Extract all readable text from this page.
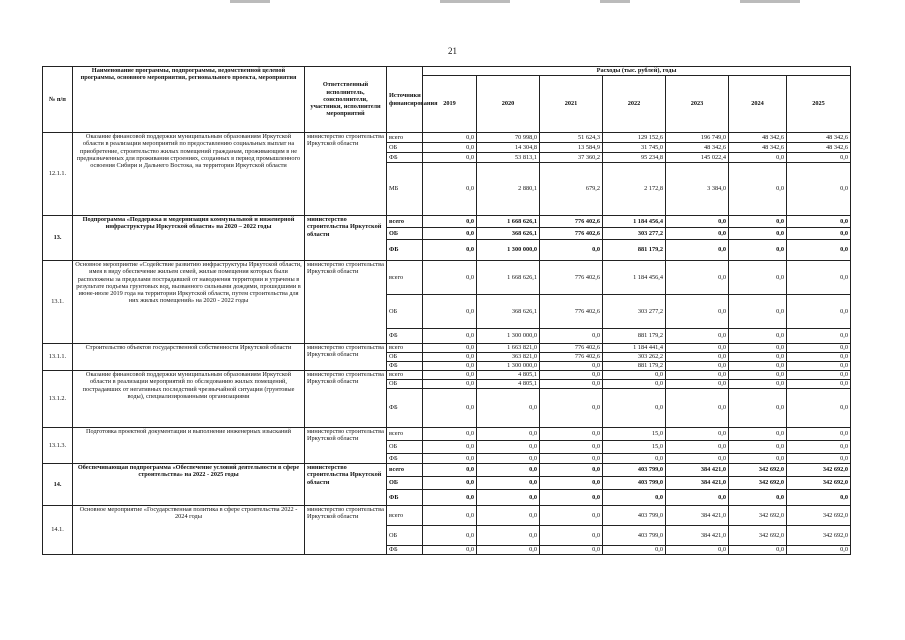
21
№ п/п	Наименование программы, подпрограммы, ведомственной целевой программы, основного мероприятия, регионального проекта, мероприятия	Ответственный исполнитель, соисполнители, участники, исполнители мероприятий	Источники финансирования	Расходы (тыс. рублей), годы						
				2019	2020	2021	2022	2023	2024	2025
12.1.1.	Оказание финансовой поддержки муниципальным образованиям Иркутской области в реализации мероприятий по предоставлению социальных выплат на приобретение, строительство жилых помещений гражданам, проживающим в не предназначенных для проживания строениях, созданных в период промышленного освоения Сибири и Дальнего Востока, на территории Иркутской области	министерство строительства Иркутской области	всего	0,0	70 998,0	51 624,3	129 152,6	196 749,0	48 342,6	48 342,6
			ОБ	0,0	14 304,8	13 584,9	31 745,0	48 342,6	48 342,6	48 342,6
			ФБ	0,0	53 813,1	37 360,2	95 234,8	145 022,4	0,0	0,0
			МБ	0,0	2 880,1	679,2	2 172,8	3 384,0	0,0	0,0
13.	Подпрограмма «Поддержка и модернизация коммунальной и инженерной инфраструктуры Иркутской области» на 2020 – 2022 годы	министерство строительства Иркутской области	всего	0,0	1 668 626,1	776 402,6	1 184 456,4	0,0	0,0	0,0
			ОБ	0,0	368 626,1	776 402,6	303 277,2	0,0	0,0	0,0
			ФБ	0,0	1 300 000,0	0,0	881 179,2	0,0	0,0	0,0
13.1.	Основное мероприятие «Содействие развитию инфраструктуры Иркутской области, имея в виду обеспечение жильем семей, жилые помещения которых были расположены за пределами пострадавшей от наводнения территории и утрачены в результате подъема грунтовых вод, вызванного сильными дождями, прошедшими в июне-июле 2019 года на территории Иркутской области, путем строительства для них жилых помещений» на 2020 - 2022 годы	министерство строительства Иркутской области	всего	0,0	1 668 626,1	776 402,6	1 184 456,4	0,0	0,0	0,0
			ОБ	0,0	368 626,1	776 402,6	303 277,2	0,0	0,0	0,0
			ФБ	0,0	1 300 000,0	0,0	881 179,2	0,0	0,0	0,0
13.1.1.	Строительство объектов государственной собственности Иркутской области	министерство строительства Иркутской области	всего	0,0	1 663 821,0	776 402,6	1 184 441,4	0,0	0,0	0,0
			ОБ	0,0	363 821,0	776 402,6	303 262,2	0,0	0,0	0,0
			ФБ	0,0	1 300 000,0	0,0	881 179,2	0,0	0,0	0,0
13.1.2.	Оказание финансовой поддержки муниципальным образованиям Иркутской области в реализации мероприятий по обследованию жилых помещений, пострадавших от негативных последствий чрезвычайной ситуации (грунтовые воды), специализированными организациями	министерство строительства Иркутской области	всего	0,0	4 805,1	0,0	0,0	0,0	0,0	0,0
			ОБ	0,0	4 805,1	0,0	0,0	0,0	0,0	0,0
			ФБ	0,0	0,0	0,0	0,0	0,0	0,0	0,0
13.1.3.	Подготовка проектной документации и выполнение инженерных изысканий	министерство строительства Иркутской области	всего	0,0	0,0	0,0	15,0	0,0	0,0	0,0
			ОБ	0,0	0,0	0,0	15,0	0,0	0,0	0,0
			ФБ	0,0	0,0	0,0	0,0	0,0	0,0	0,0
14.	Обеспечивающая подпрограмма «Обеспечение условий деятельности в сфере строительства» на 2022 - 2025 годы	министерство строительства Иркутской области	всего	0,0	0,0	0,0	403 799,0	384 421,0	342 692,0	342 692,0
			ОБ	0,0	0,0	0,0	403 799,0	384 421,0	342 692,0	342 692,0
			ФБ	0,0	0,0	0,0	0,0	0,0	0,0	0,0
14.1.	Основное мероприятие «Государственная политика в сфере строительства 2022 - 2024 годы	министерство строительства Иркутской области	всего	0,0	0,0	0,0	403 799,0	384 421,0	342 692,0	342 692,0
			ОБ	0,0	0,0	0,0	403 799,0	384 421,0	342 692,0	342 692,0
			ФБ	0,0	0,0	0,0	0,0	0,0	0,0	0,0
